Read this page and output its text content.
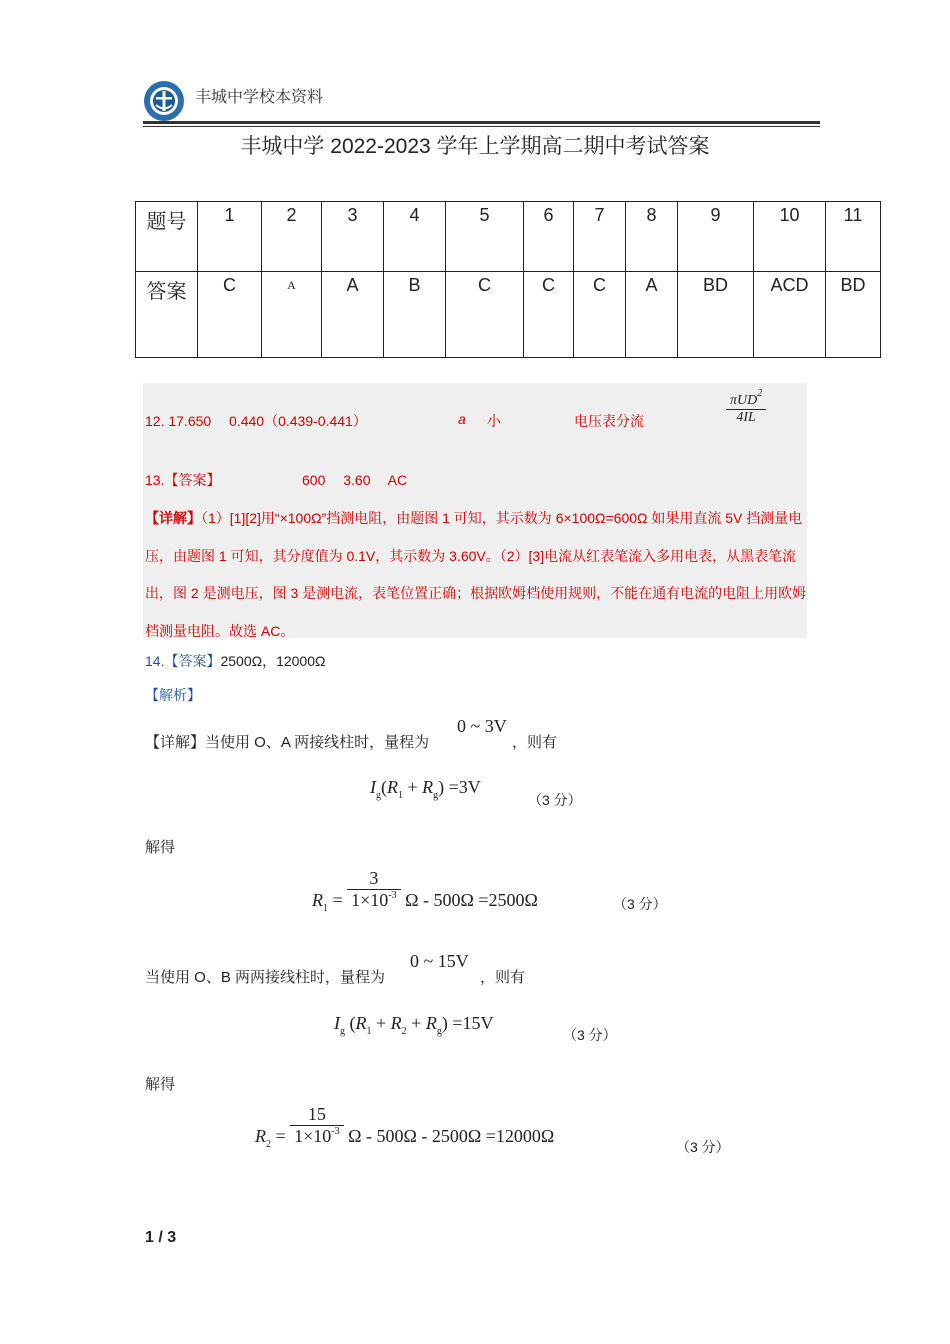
丰城中学校本资料
丰城中学 2022-2023 学年上学期高二期中考试答案
题号	1	2	3	4	5	6	7	8	9	10	11
答案	C	A	A	B	C	C	C	A	BD	ACD	BD
12. 17.650　 0.440（0.439-0.441）	a 小	电压表分流	$\frac{\pi UD^2}{4IL}$
13.【答案】	600　 3.60　 AC
【详解】（1）[1][2]用“×100Ω”挡测电阻，由题图 1 可知，其示数为 6×100Ω=600Ω 如果用直流 5V 挡测量电压，由题图 1 可知，其分度值为 0.1V，其示数为 3.60V。（2）[3]电流从红表笔流入多用电表，从黑表笔流出，图 2 是测电压，图 3 是测电流，表笔位置正确；根据欧姆档使用规则，不能在通有电流的电阻上用欧姆档测量电阻。故选 AC。
14.【答案】2500Ω，12000Ω
【解析】
【详解】当使用 O、A 两接线柱时，量程为
0 ~ 3V
，则有
$I_g(R_1 + R_g) =3V$
（3 分）
解得
$R_1 = \frac{3}{1\times 10^{-3}}$ Ω - 500Ω =2500Ω	（3 分）
当使用 O、B 两两接线柱时，量程为
0 ~ 15V
，则有
$I_g$ $(R_1 + R_2 + R_g) =15V$
（3 分）
解得
$R_2 = \frac{15}{1\times 10^{-3}}$ Ω - 500Ω - 2500Ω =12000Ω
（3 分）
1 / 3
